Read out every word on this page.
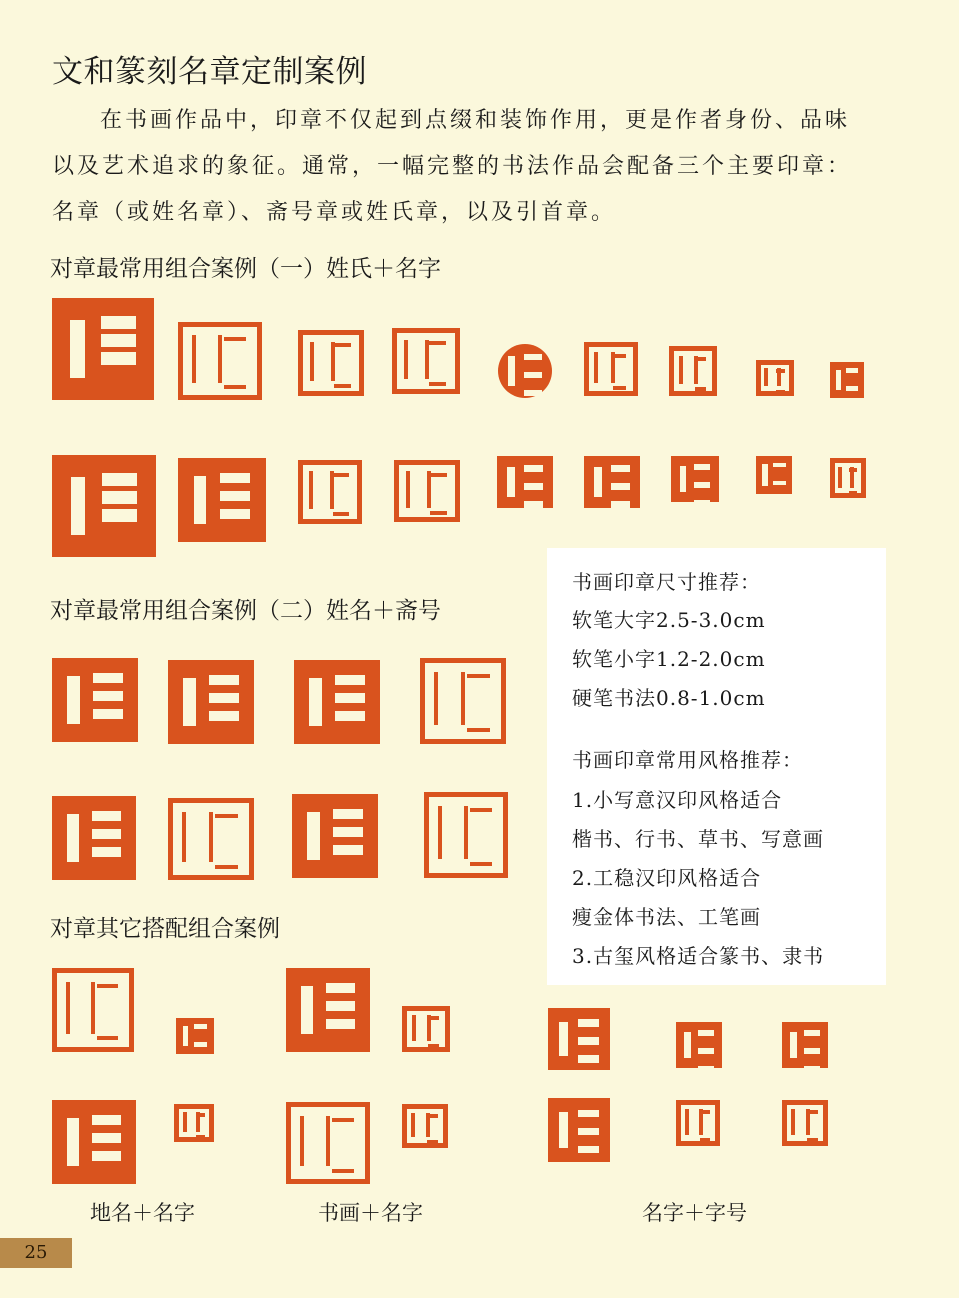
文和篆刻名章定制案例

在书画作品中，印章不仅起到点缀和装饰作用，更是作者身份、品味

以及艺术追求的象征。通常，一幅完整的书法作品会配备三个主要印章：

名章（或姓名章）、斋号章或姓氏章，以及引首章。

对章最常用组合案例（一）姓氏＋名字
对章最常用组合案例（二）姓名＋斋号
书画印章尺寸推荐：
软笔大字2.5-3.0cm
软笔小字1.2-2.0cm
硬笔书法0.8-1.0cm
书画印章常用风格推荐：
1.小写意汉印风格适合
楷书、行书、草书、写意画
2.工稳汉印风格适合
瘦金体书法、工笔画
3.古玺风格适合篆书、隶书
对章其它搭配组合案例
地名＋名字	书画＋名字	名字＋字号
25
